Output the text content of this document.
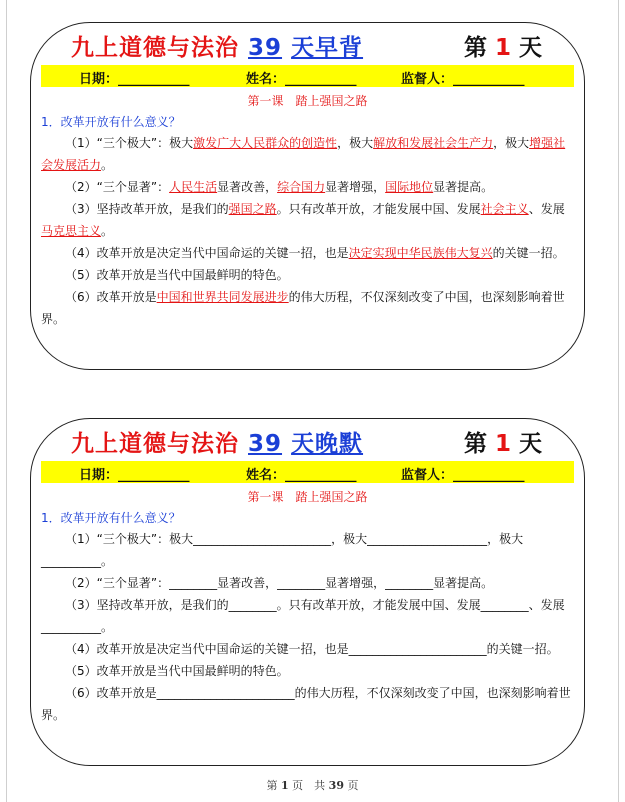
九上道德与法治 39 天早背	第 1 天
日期：___________	姓名：___________	监督人：___________
第一课　踏上强国之路
1．改革开放有什么意义？

（1）“三个极大”：极大激发广大人民群众的创造性，极大解放和发展社会生产力，极大增强社会发展活力。

（2）“三个显著”：人民生活显著改善，综合国力显著增强，国际地位显著提高。

（3）坚持改革开放，是我们的强国之路。只有改革开放，才能发展中国、发展社会主义、发展马克思主义。

（4）改革开放是决定当代中国命运的关键一招，也是决定实现中华民族伟大复兴的关键一招。

（5）改革开放是当代中国最鲜明的特色。

（6）改革开放是中国和世界共同发展进步的伟大历程，不仅深刻改变了中国，也深刻影响着世界。

九上道德与法治 39 天晚默	第 1 天
日期：___________	姓名：___________	监督人：___________
第一课　踏上强国之路
1．改革开放有什么意义？

（1）“三个极大”：极大_______________________，极大____________________，极大__________。

（2）“三个显著”：________显著改善，________显著增强，________显著提高。

（3）坚持改革开放，是我们的________。只有改革开放，才能发展中国、发展________、发展__________。

（4）改革开放是决定当代中国命运的关键一招，也是_______________________的关键一招。

（5）改革开放是当代中国最鲜明的特色。

（6）改革开放是_______________________的伟大历程，不仅深刻改变了中国，也深刻影响着世界。

第 1 页　共 39 页
